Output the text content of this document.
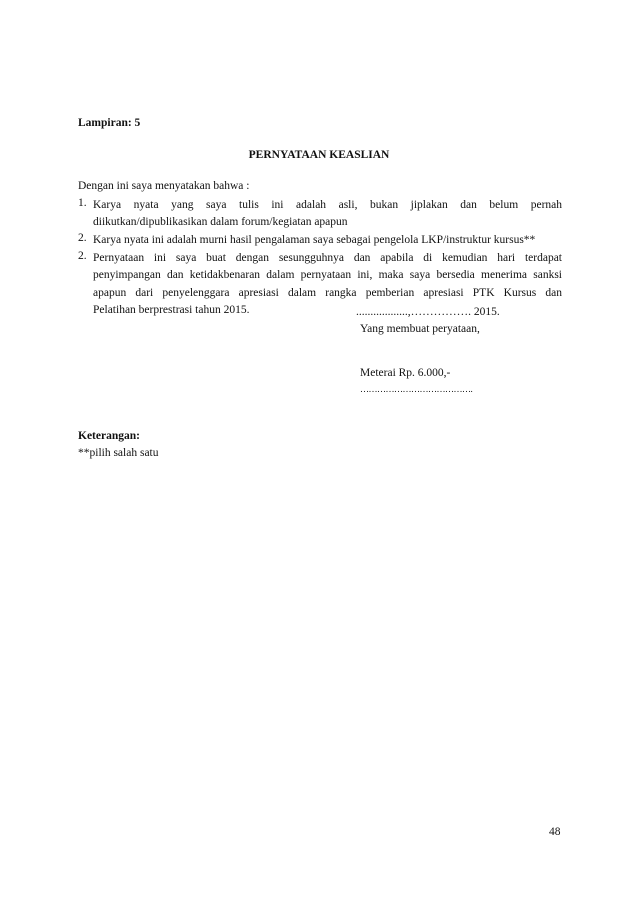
Lampiran: 5
PERNYATAAN KEASLIAN
Dengan ini saya menyatakan bahwa :
1. Karya nyata yang saya tulis ini adalah asli, bukan jiplakan dan belum pernah
diikutkan/dipublikasikan dalam forum/kegiatan apapun
2. Karya nyata ini adalah murni hasil pengalaman saya sebagai pengelola LKP/instruktur kursus**
2. Pernyataan ini saya buat dengan sesungguhnya dan apabila di kemudian hari terdapat
penyimpangan dan ketidakbenaran dalam pernyataan ini, maka saya bersedia menerima sanksi
apapun dari penyelenggara apresiasi dalam rangka pemberian apresiasi PTK Kursus dan
Pelatihan berprestrasi tahun 2015.	..................,……………. 2015.
Yang membuat peryataan,
Meterai Rp. 6.000,-
………………………………….
Keterangan:
**pilih salah satu
48
